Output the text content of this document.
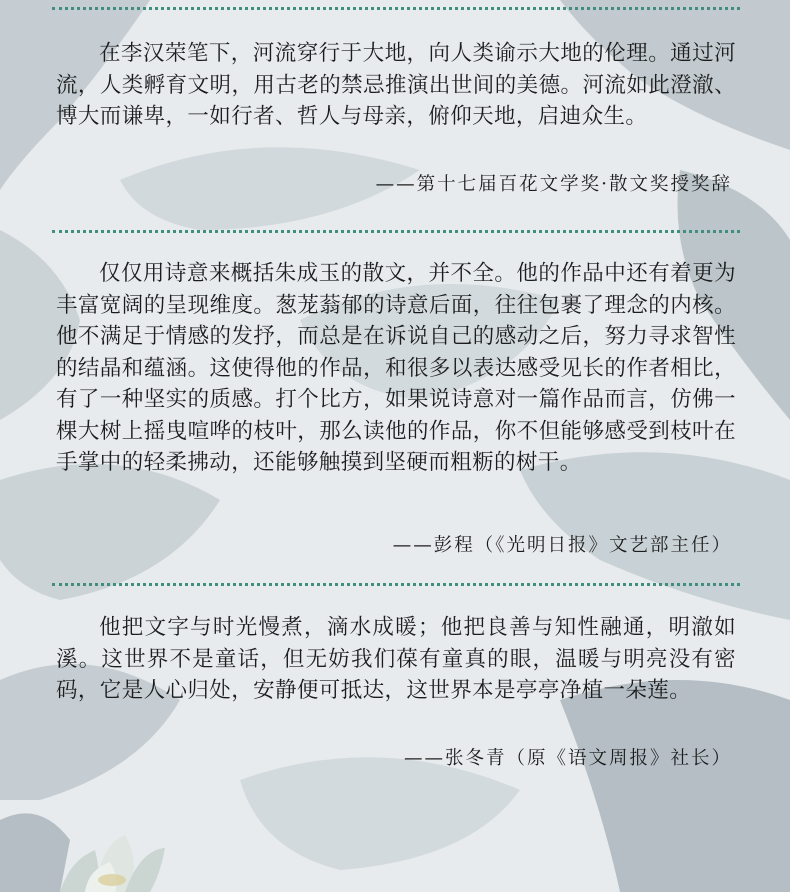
在李汉荣笔下，河流穿行于大地，向人类谕示大地的伦理。通过河流，人类孵育文明，用古老的禁忌推演出世间的美德。河流如此澄澈、博大而谦卑，一如行者、哲人与母亲，俯仰天地，启迪众生。

——第十七届百花文学奖·散文奖授奖辞

仅仅用诗意来概括朱成玉的散文，并不全。他的作品中还有着更为丰富宽阔的呈现维度。葱茏蓊郁的诗意后面，往往包裹了理念的内核。他不满足于情感的发抒，而总是在诉说自己的感动之后，努力寻求智性的结晶和蕴涵。这使得他的作品，和很多以表达感受见长的作者相比，有了一种坚实的质感。打个比方，如果说诗意对一篇作品而言，仿佛一棵大树上摇曳喧哗的枝叶，那么读他的作品，你不但能够感受到枝叶在手掌中的轻柔拂动，还能够触摸到坚硬而粗粝的树干。

——彭程（《光明日报》文艺部主任）

他把文字与时光慢煮，滴水成暖；他把良善与知性融通，明澈如溪。这世界不是童话，但无妨我们葆有童真的眼，温暖与明亮没有密码，它是人心归处，安静便可抵达，这世界本是亭亭净植一朵莲。

——张冬青（原《语文周报》社长）
